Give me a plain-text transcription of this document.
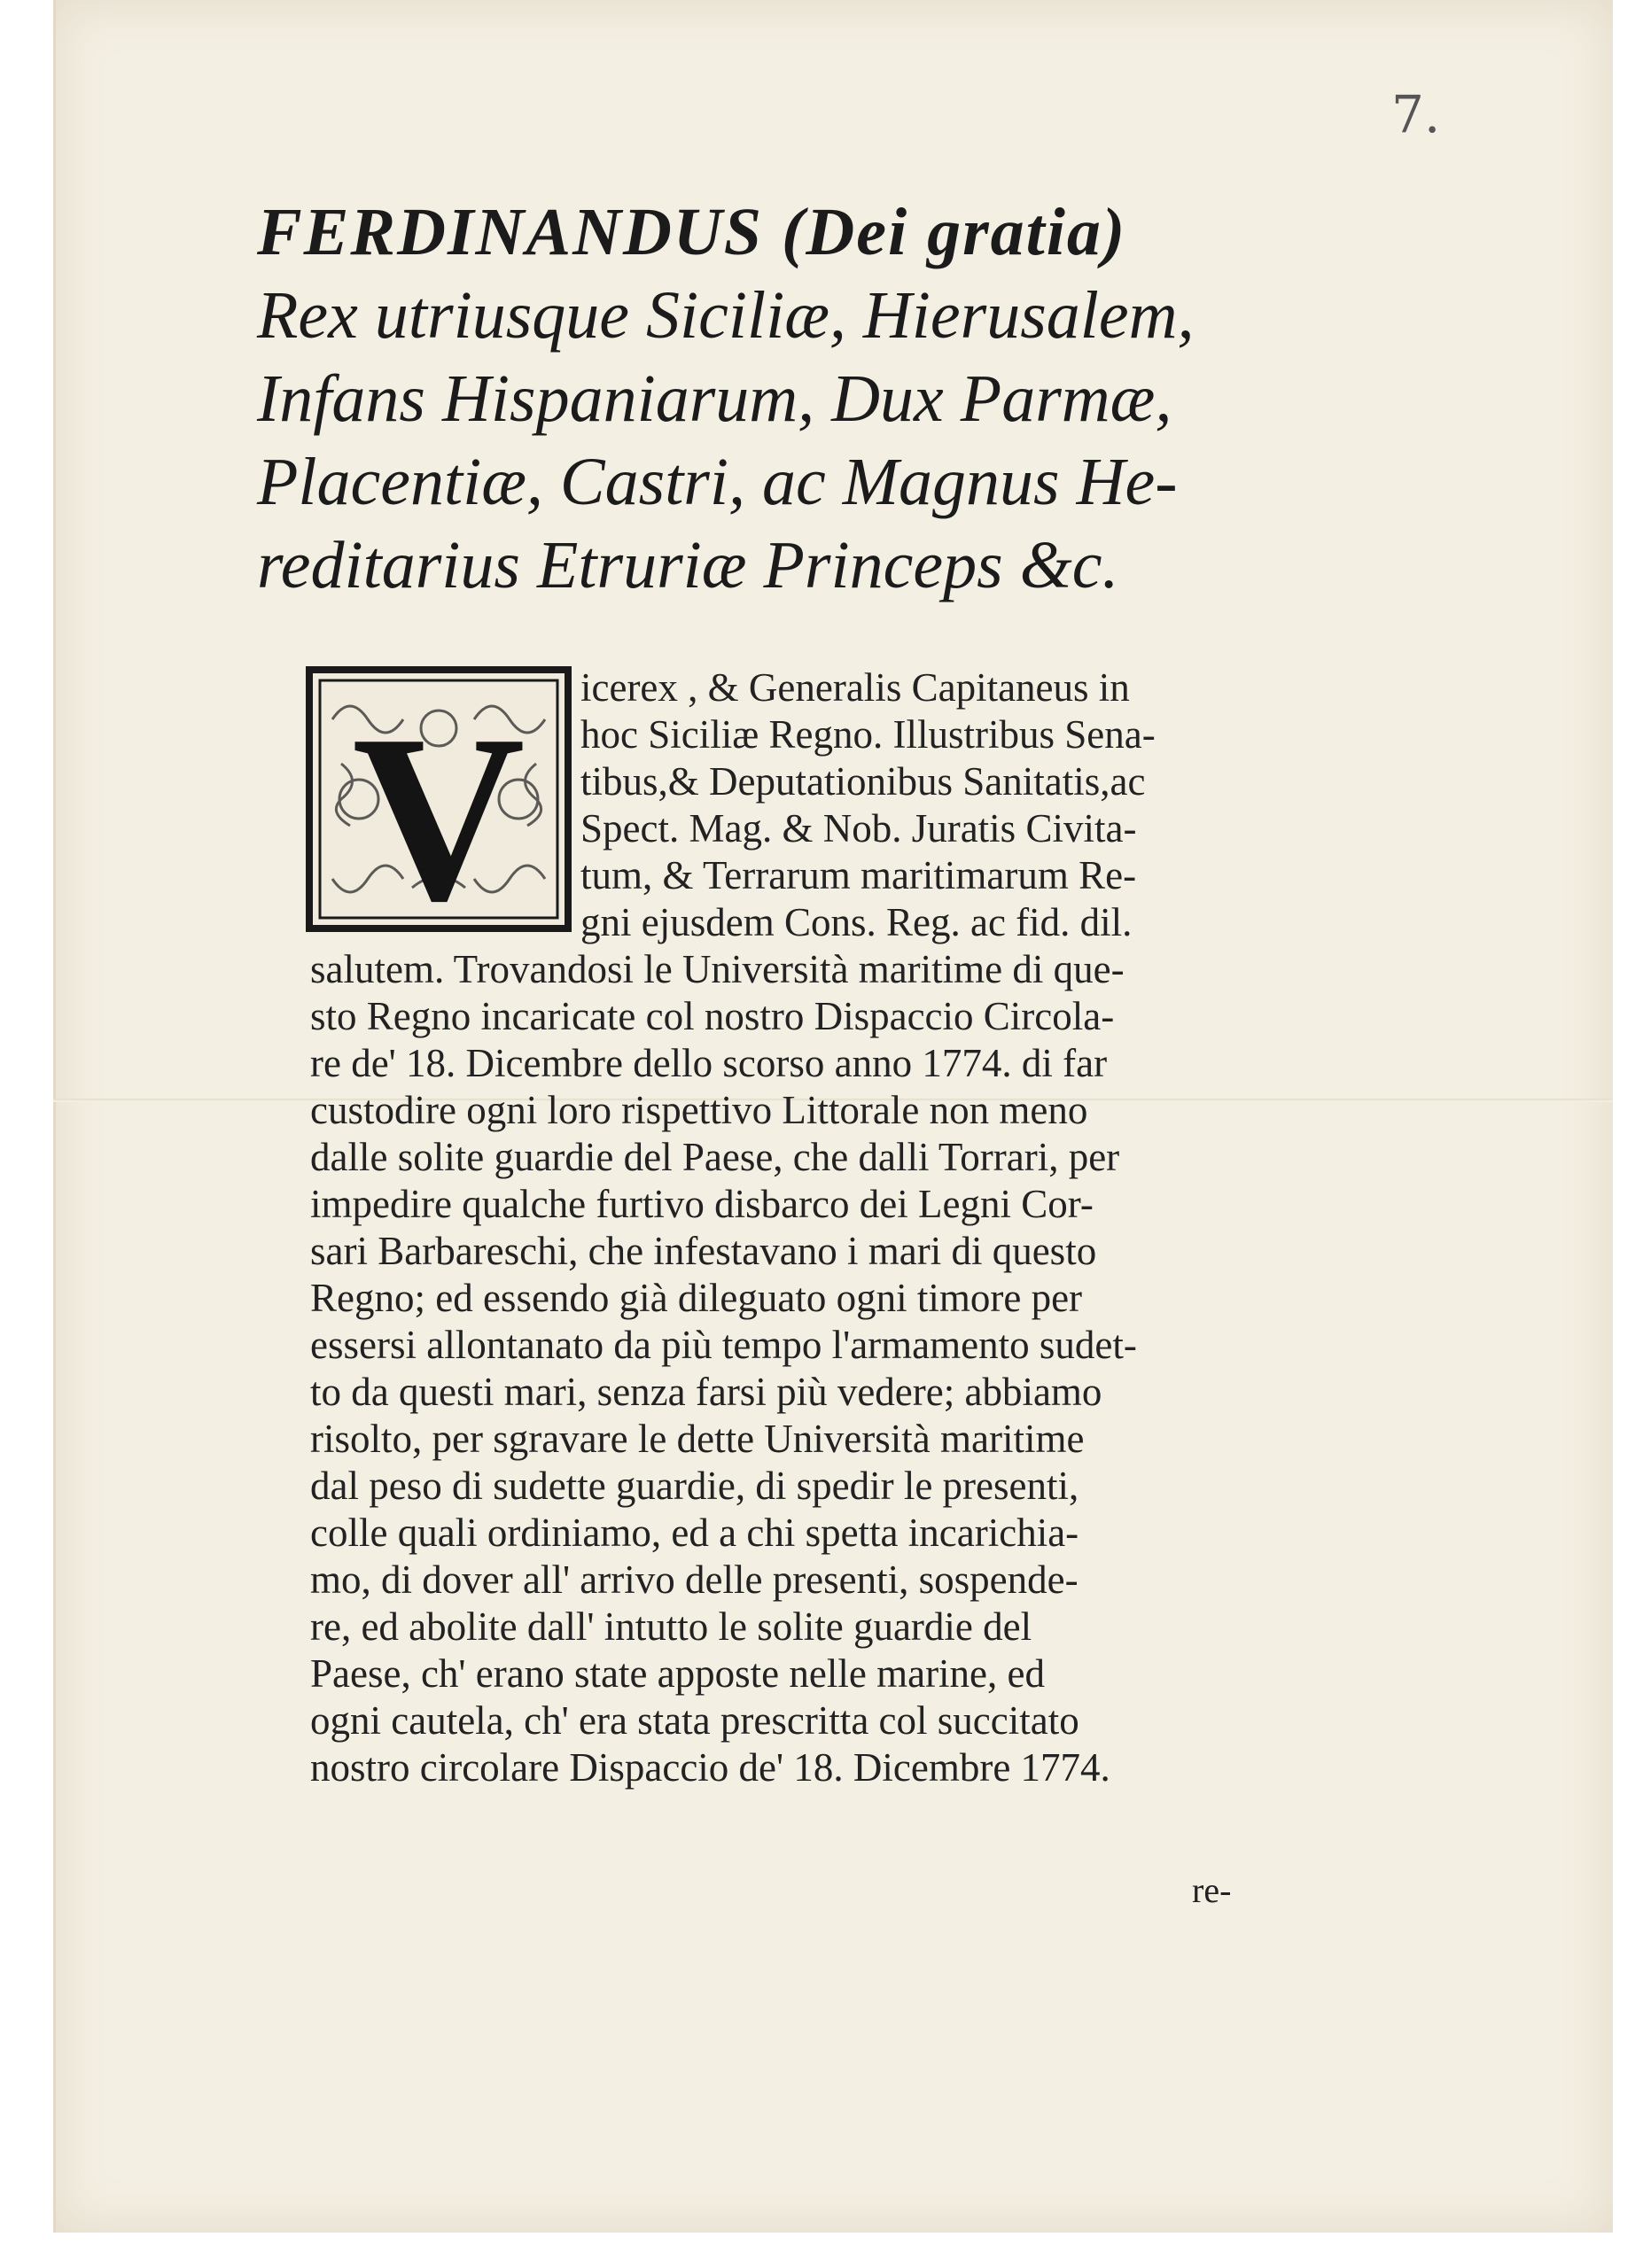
7.
FERDINANDUS (Dei gratia)
Rex utriusque Siciliæ, Hierusalem,
Infans Hispaniarum, Dux Parmæ,
Placentiæ, Castri, ac Magnus He-
reditarius Etruriæ Princeps &c.
V	icerex , & Generalis Capitaneus in
hoc Siciliæ Regno. Illustribus Sena-
tibus,& Deputationibus Sanitatis,ac
Spect. Mag. & Nob. Juratis Civita-
tum, & Terrarum maritimarum Re-
gni ejusdem Cons. Reg. ac fid. dil.
salutem. Trovandosi le Università maritime di que-
sto Regno incaricate col nostro Dispaccio Circola-
re de' 18. Dicembre dello scorso anno 1774. di far
custodire ogni loro rispettivo Littorale non meno
dalle solite guardie del Paese, che dalli Torrari, per
impedire qualche furtivo disbarco dei Legni Cor-
sari Barbareschi, che infestavano i mari di questo
Regno; ed essendo già dileguato ogni timore per
essersi allontanato da più tempo l'armamento sudet-
to da questi mari, senza farsi più vedere; abbiamo
risolto, per sgravare le dette Università maritime
dal peso di sudette guardie, di spedir le presenti,
colle quali ordiniamo, ed a chi spetta incarichia-
mo, di dover all' arrivo delle presenti, sospende-
re, ed abolite dall' intutto le solite guardie del
Paese, ch' erano state apposte nelle marine, ed
ogni cautela, ch' era stata prescritta col succitato
nostro circolare Dispaccio de' 18. Dicembre 1774.
re-
